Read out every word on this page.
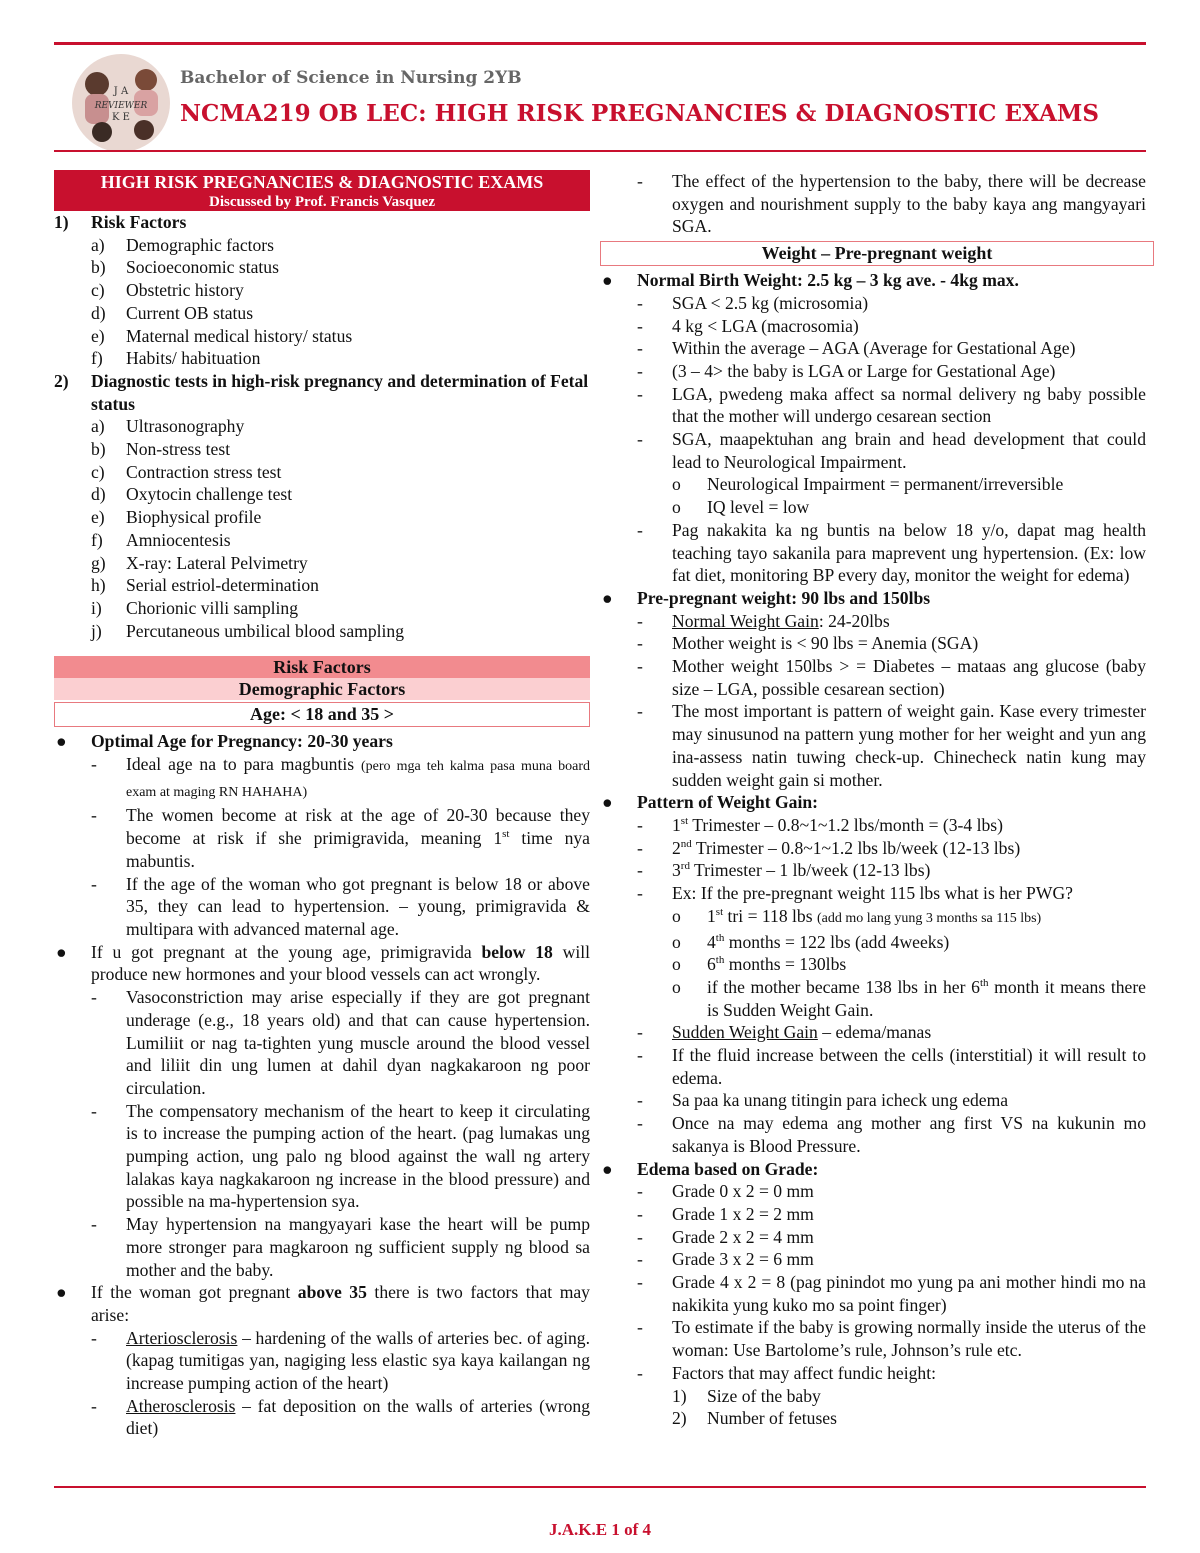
J A
REVIEWER
K E
Bachelor of Science in Nursing 2YB
NCMA219 OB LEC: HIGH RISK PREGNANCIES & DIAGNOSTIC EXAMS
HIGH RISK PREGNANCIES & DIAGNOSTIC EXAMS
Discussed by Prof. Francis Vasquez
1)	Risk Factors
a)	Demographic factors
b)	Socioeconomic status
c)	Obstetric history
d)	Current OB status
e)	Maternal medical history/ status
f)	Habits/ habituation
2)	Diagnostic tests in high-risk pregnancy and determination of Fetal status
a)	Ultrasonography
b)	Non-stress test
c)	Contraction stress test
d)	Oxytocin challenge test
e)	Biophysical profile
f)	Amniocentesis
g)	X-ray: Lateral Pelvimetry
h)	Serial estriol-determination
i)	Chorionic villi sampling
j)	Percutaneous umbilical blood sampling
Risk Factors
Demographic Factors
Age: < 18 and 35 >
●	Optimal Age for Pregnancy: 20-30 years
-	Ideal age na to para magbuntis (pero mga teh kalma pasa muna board exam at maging RN HAHAHA)
-	The women become at risk at the age of 20-30 because they become at risk if she primigravida, meaning 1st time nya mabuntis.
-	If the age of the woman who got pregnant is below 18 or above 35, they can lead to hypertension. – young, primigravida & multipara with advanced maternal age.
●	If u got pregnant at the young age, primigravida below 18 will produce new hormones and your blood vessels can act wrongly.
-	Vasoconstriction may arise especially if they are got pregnant underage (e.g., 18 years old) and that can cause hypertension. Lumiliit or nag ta-tighten yung muscle around the blood vessel and liliit din ung lumen at dahil dyan nagkakaroon ng poor circulation.
-	The compensatory mechanism of the heart to keep it circulating is to increase the pumping action of the heart. (pag lumakas ung pumping action, ung palo ng blood against the wall ng artery lalakas kaya nagkakaroon ng increase in the blood pressure) and possible na ma-hypertension sya.
-	May hypertension na mangyayari kase the heart will be pump more stronger para magkaroon ng sufficient supply ng blood sa mother and the baby.
●	If the woman got pregnant above 35 there is two factors that may arise:
-	Arteriosclerosis – hardening of the walls of arteries bec. of aging. (kapag tumitigas yan, nagiging less elastic sya kaya kailangan ng increase pumping action of the heart)
-	Atherosclerosis – fat deposition on the walls of arteries (wrong diet)
-	The effect of the hypertension to the baby, there will be decrease oxygen and nourishment supply to the baby kaya ang mangyayari SGA.
Weight – Pre-pregnant weight
●	Normal Birth Weight: 2.5 kg – 3 kg ave. - 4kg max.
-	SGA < 2.5 kg (microsomia)
-	4 kg < LGA (macrosomia)
-	Within the average – AGA (Average for Gestational Age)
-	(3 – 4> the baby is LGA or Large for Gestational Age)
-	LGA, pwedeng maka affect sa normal delivery ng baby possible that the mother will undergo cesarean section
-	SGA, maapektuhan ang brain and head development that could lead to Neurological Impairment.
o	Neurological Impairment = permanent/irreversible
o	IQ level = low
-	Pag nakakita ka ng buntis na below 18 y/o, dapat mag health teaching tayo sakanila para maprevent ung hypertension. (Ex: low fat diet, monitoring BP every day, monitor the weight for edema)
●	Pre-pregnant weight: 90 lbs and 150lbs
-	Normal Weight Gain: 24-20lbs
-	Mother weight is < 90 lbs = Anemia (SGA)
-	Mother weight 150lbs > = Diabetes – mataas ang glucose (baby size – LGA, possible cesarean section)
-	The most important is pattern of weight gain. Kase every trimester may sinusunod na pattern yung mother for her weight and yun ang ina-assess natin tuwing check-up. Chinecheck natin kung may sudden weight gain si mother.
●	Pattern of Weight Gain:
-	1st Trimester – 0.8~1~1.2 lbs/month = (3-4 lbs)
-	2nd Trimester – 0.8~1~1.2 lbs lb/week (12-13 lbs)
-	3rd Trimester – 1 lb/week (12-13 lbs)
-	Ex: If the pre-pregnant weight 115 lbs what is her PWG?
o	1st tri = 118 lbs (add mo lang yung 3 months sa 115 lbs)
o	4th months = 122 lbs (add 4weeks)
o	6th months = 130lbs
o	if the mother became 138 lbs in her 6th month it means there is Sudden Weight Gain.
-	Sudden Weight Gain – edema/manas
-	If the fluid increase between the cells (interstitial) it will result to edema.
-	Sa paa ka unang titingin para icheck ung edema
-	Once na may edema ang mother ang first VS na kukunin mo sakanya is Blood Pressure.
●	Edema based on Grade:
-	Grade 0 x 2 = 0 mm
-	Grade 1 x 2 = 2 mm
-	Grade 2 x 2 = 4 mm
-	Grade 3 x 2 = 6 mm
-	Grade 4 x 2 = 8 (pag pinindot mo yung pa ani mother hindi mo na nakikita yung kuko mo sa point finger)
-	To estimate if the baby is growing normally inside the uterus of the woman: Use Bartolome’s rule, Johnson’s rule etc.
-	Factors that may affect fundic height:
1)	Size of the baby
2)	Number of fetuses
J.A.K.E 1 of 4
